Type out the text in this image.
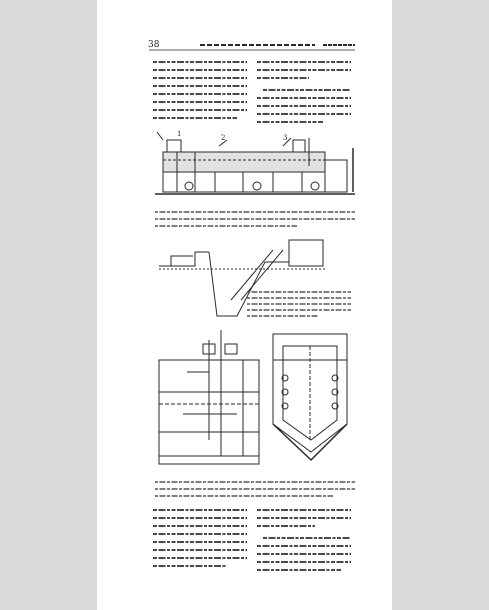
38
1	2	3
